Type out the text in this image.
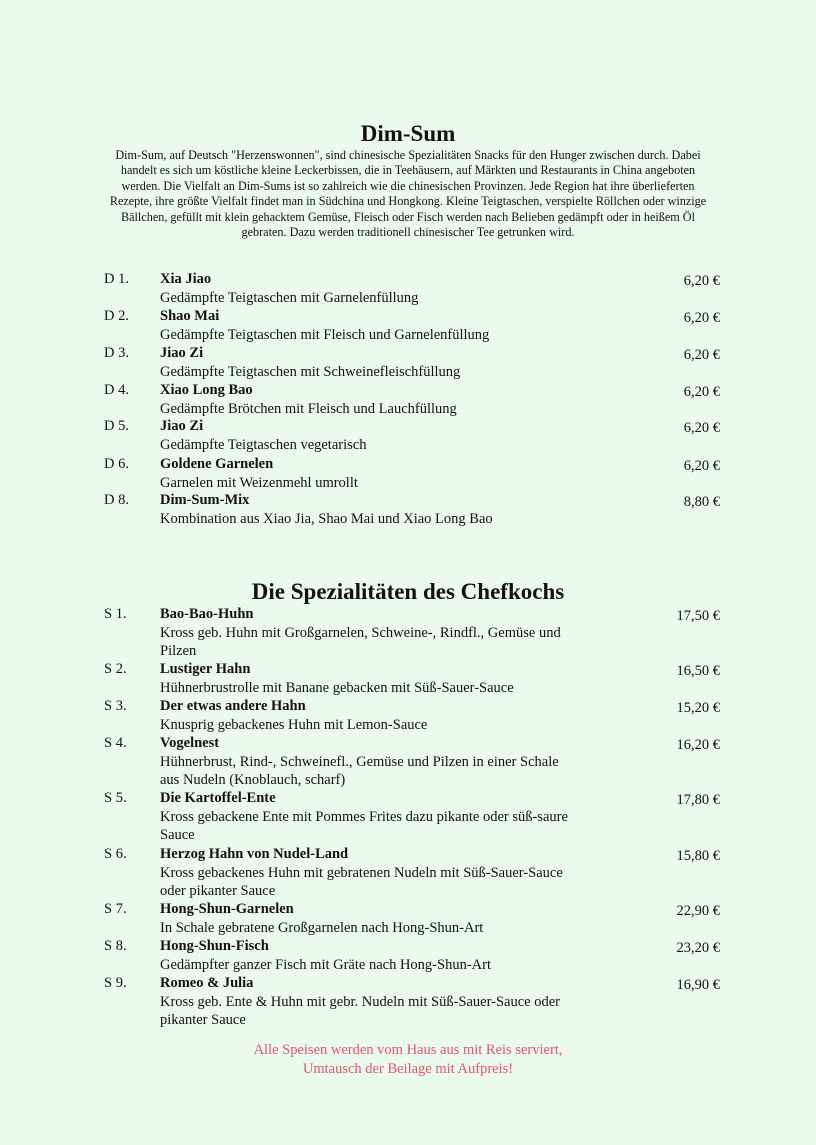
Dim-Sum

Dim-Sum, auf Deutsch "Herzenswonnen", sind chinesische Spezialitäten Snacks für den Hunger zwischen durch. Dabei handelt es sich um köstliche kleine Leckerbissen, die in Teehäusern, auf Märkten und Restaurants in China angeboten werden. Die Vielfalt an Dim-Sums ist so zahlreich wie die chinesischen Provinzen. Jede Region hat ihre überlieferten Rezepte, ihre größte Vielfalt findet man in Südchina und Hongkong. Kleine Teigtaschen, verspielte Röllchen oder winzige Bällchen, gefüllt mit klein gehacktem Gemüse, Fleisch oder Fisch werden nach Belieben gedämpft oder in heißem Öl gebraten. Dazu werden traditionell chinesischer Tee getrunken wird.

D 1. Xia Jiao
Gedämpfte Teigtaschen mit Garnelenfüllung
6,20 €
D 2. Shao Mai
Gedämpfte Teigtaschen mit Fleisch und Garnelenfüllung
6,20 €
D 3. Jiao Zi
Gedämpfte Teigtaschen mit Schweinefleischfüllung
6,20 €
D 4. Xiao Long Bao
Gedämpfte Brötchen mit Fleisch und Lauchfüllung
6,20 €
D 5. Jiao Zi
Gedämpfte Teigtaschen vegetarisch
6,20 €
D 6. Goldene Garnelen
Garnelen mit Weizenmehl umrollt
6,20 €
D 8. Dim-Sum-Mix
Kombination aus Xiao Jia, Shao Mai und Xiao Long Bao
8,80 €
Die Spezialitäten des Chefkochs
S 1. Bao-Bao-Huhn
Kross geb. Huhn mit Großgarnelen, Schweine-, Rindfl., Gemüse und Pilzen
17,50 €
S 2. Lustiger Hahn
Hühnerbrustrolle mit Banane gebacken mit Süß-Sauer-Sauce
16,50 €
S 3. Der etwas andere Hahn
Knusprig gebackenes Huhn mit Lemon-Sauce
15,20 €
S 4. Vogelnest
Hühnerbrust, Rind-, Schweinefl., Gemüse und Pilzen in einer Schale aus Nudeln (Knoblauch, scharf)
16,20 €
S 5. Die Kartoffel-Ente
Kross gebackene Ente mit Pommes Frites dazu pikante oder süß-saure Sauce
17,80 €
S 6. Herzog Hahn von Nudel-Land
Kross gebackenes Huhn mit gebratenen Nudeln mit Süß-Sauer-Sauce oder pikanter Sauce
15,80 €
S 7. Hong-Shun-Garnelen
In Schale gebratene Großgarnelen nach Hong-Shun-Art
22,90 €
S 8. Hong-Shun-Fisch
Gedämpfter ganzer Fisch mit Gräte nach Hong-Shun-Art
23,20 €
S 9. Romeo & Julia
Kross geb. Ente & Huhn mit gebr. Nudeln mit Süß-Sauer-Sauce oder pikanter Sauce
16,90 €

Alle Speisen werden vom Haus aus mit Reis serviert,
Umtausch der Beilage mit Aufpreis!
